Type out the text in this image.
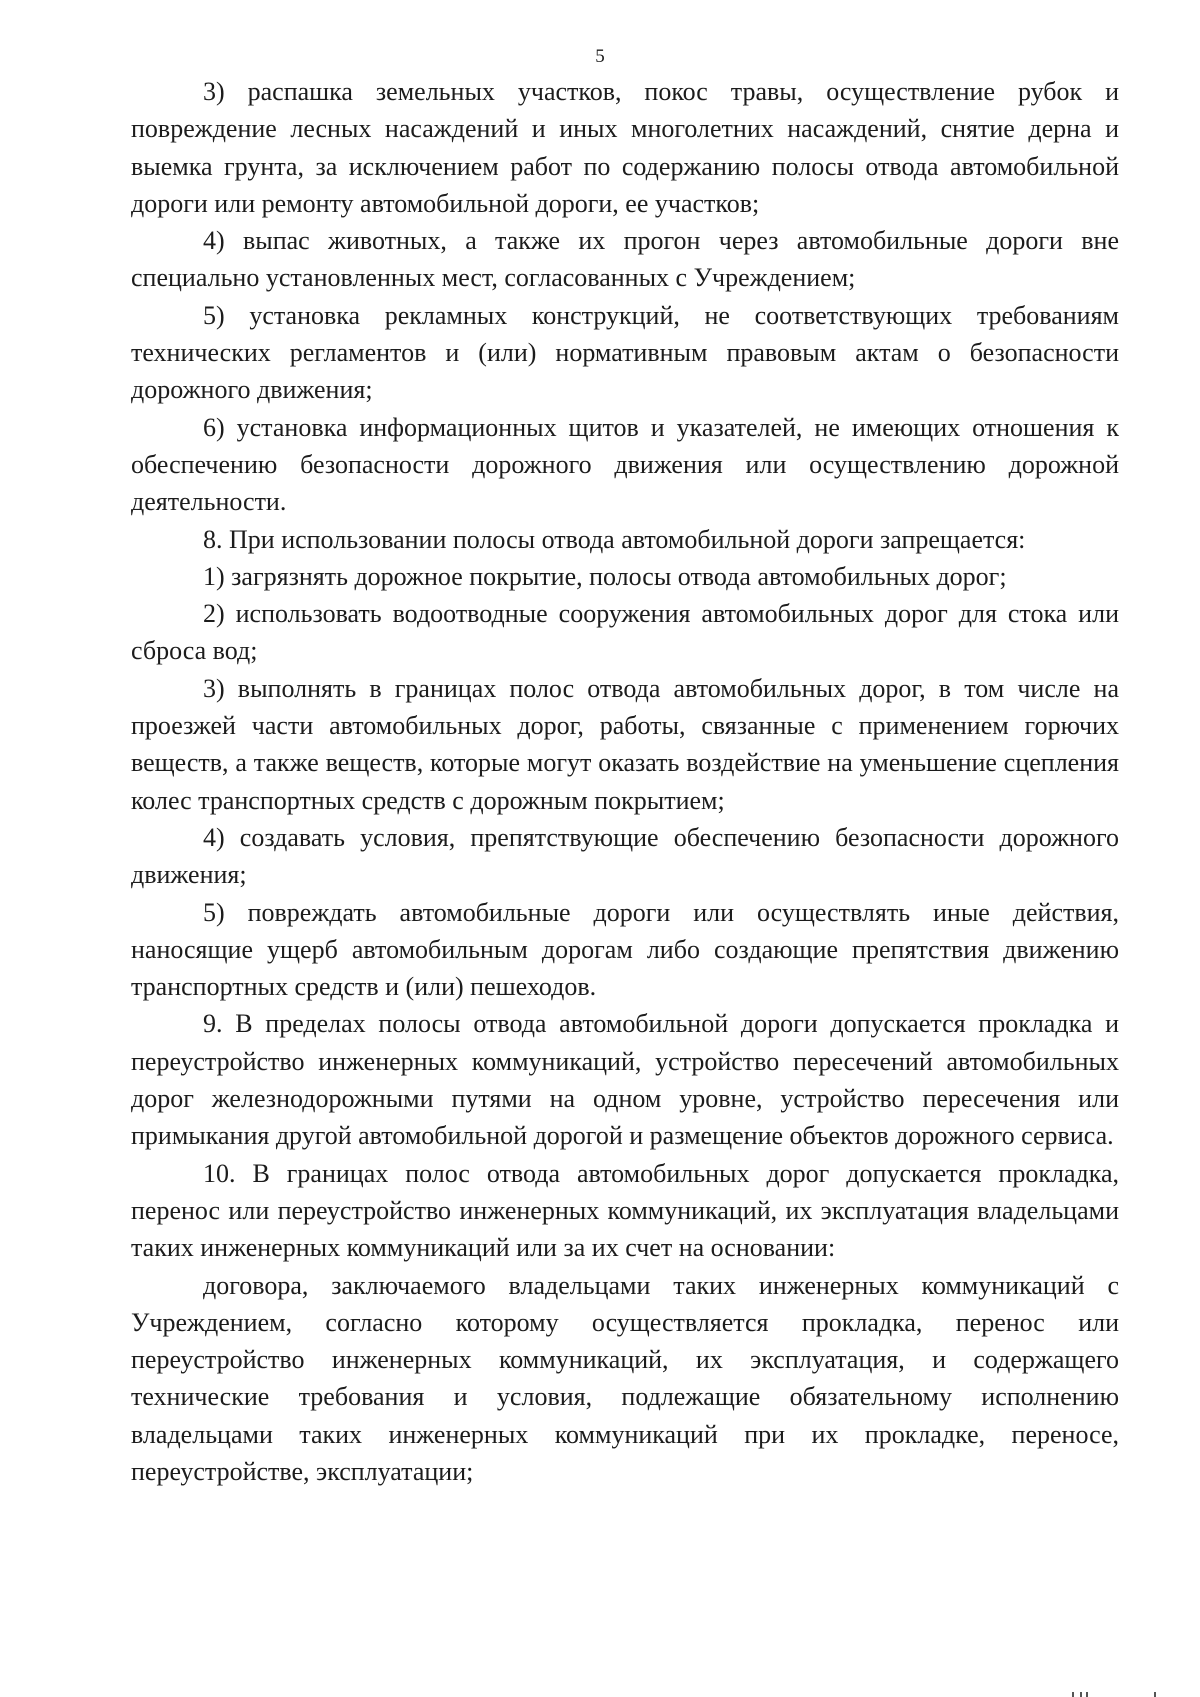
5

3) распашка земельных участков, покос травы, осуществление рубок и повреждение лесных насаждений и иных многолетних насаждений, снятие дерна и выемка грунта, за исключением работ по содержанию полосы отвода автомобильной дороги или ремонту автомобильной дороги, ее участков;

4) выпас животных, а также их прогон через автомобильные дороги вне специально установленных мест, согласованных с Учреждением;

5) установка рекламных конструкций, не соответствующих требованиям технических регламентов и (или) нормативным правовым актам о безопасности дорожного движения;

6) установка информационных щитов и указателей, не имеющих отношения к обеспечению безопасности дорожного движения или осуществлению дорожной деятельности.

8. При использовании полосы отвода автомобильной дороги запрещается:

1) загрязнять дорожное покрытие, полосы отвода автомобильных дорог;

2) использовать водоотводные сооружения автомобильных дорог для стока или сброса вод;

3) выполнять в границах полос отвода автомобильных дорог, в том числе на проезжей части автомобильных дорог, работы, связанные с применением горючих веществ, а также веществ, которые могут оказать воздействие на уменьшение сцепления колес транспортных средств с дорожным покрытием;

4) создавать условия, препятствующие обеспечению безопасности дорожного движения;

5) повреждать автомобильные дороги или осуществлять иные действия, наносящие ущерб автомобильным дорогам либо создающие препятствия движению транспортных средств и (или) пешеходов.

9. В пределах полосы отвода автомобильной дороги допускается прокладка и переустройство инженерных коммуникаций, устройство пересечений автомобильных дорог железнодорожными путями на одном уровне, устройство пересечения или примыкания другой автомобильной дорогой и размещение объектов дорожного сервиса.

10. В границах полос отвода автомобильных дорог допускается прокладка, перенос или переустройство инженерных коммуникаций, их эксплуатация владельцами таких инженерных коммуникаций или за их счет на основании:

договора, заключаемого владельцами таких инженерных коммуникаций с Учреждением, согласно которому осуществляется прокладка, перенос или переустройство инженерных коммуникаций, их эксплуатация, и содержащего технические требования и условия, подлежащие обязательному исполнению владельцами таких инженерных коммуникаций при их прокладке, переносе, переустройстве, эксплуатации;
